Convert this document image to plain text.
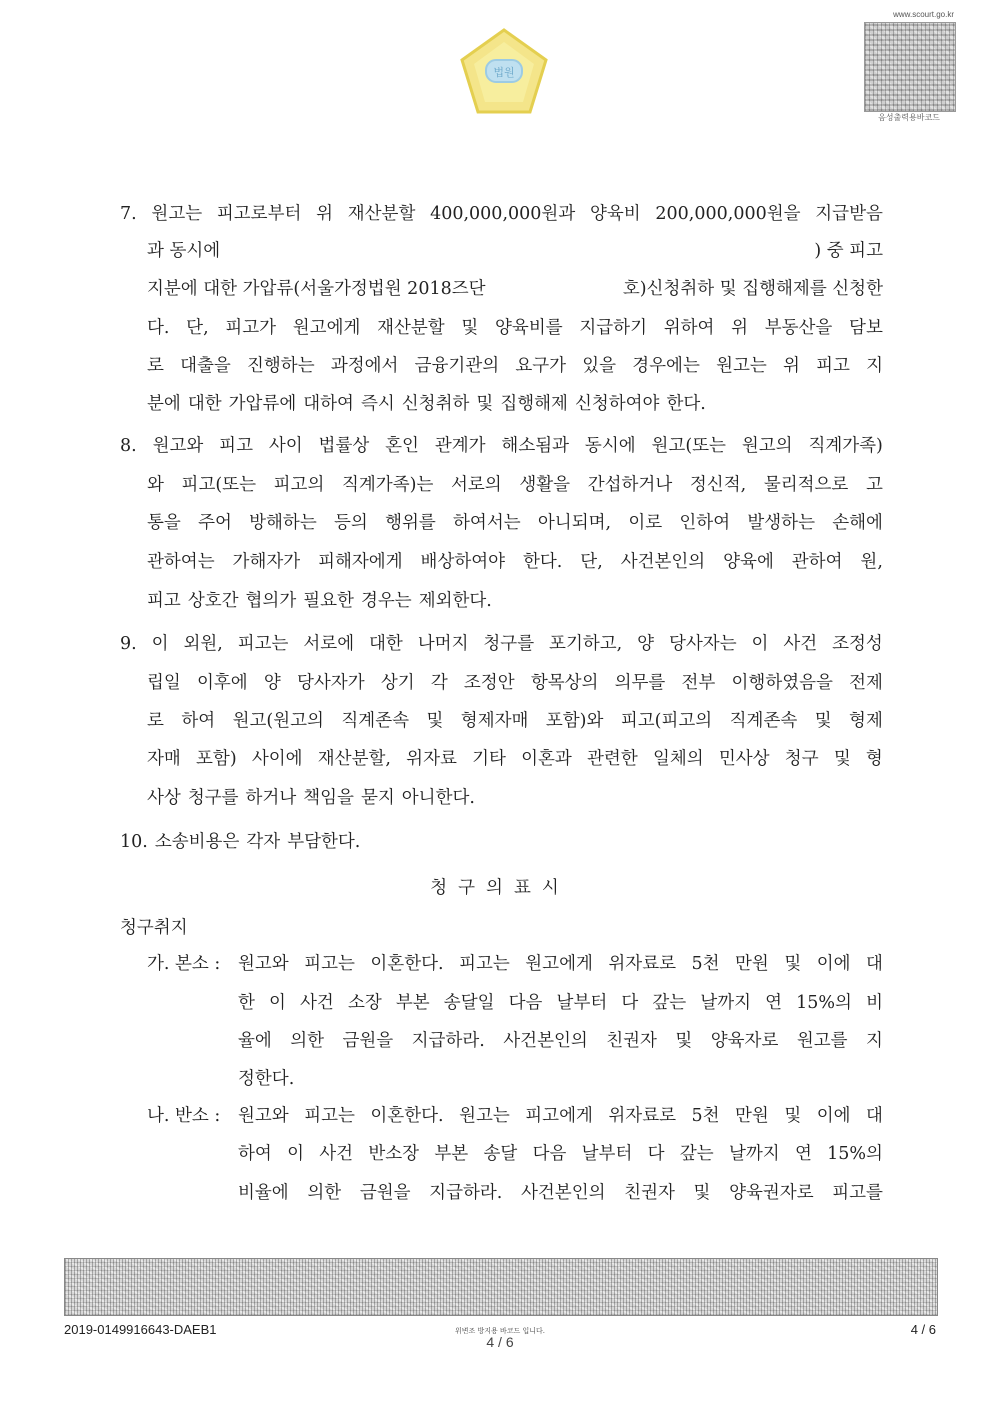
법원
www.scourt.go.kr
음성출력용바코드
7. 원고는 피고로부터 위 재산분할 400,000,000원과 양육비 200,000,000원을 지급받음
과 동시에	) 중 피고
지분에 대한 가압류(서울가정법원 2018즈단	호)신청취하 및 집행해제를 신청한
다. 단, 피고가 원고에게 재산분할 및 양육비를 지급하기 위하여 위 부동산을 담보
로 대출을 진행하는 과정에서 금융기관의 요구가 있을 경우에는 원고는 위 피고 지
분에 대한 가압류에 대하여 즉시 신청취하 및 집행해제 신청하여야 한다.
8. 원고와 피고 사이 법률상 혼인 관계가 해소됨과 동시에 원고(또는 원고의 직계가족)
와 피고(또는 피고의 직계가족)는 서로의 생활을 간섭하거나 정신적, 물리적으로 고
통을 주어 방해하는 등의 행위를 하여서는 아니되며, 이로 인하여 발생하는 손해에
관하여는 가해자가 피해자에게 배상하여야 한다. 단, 사건본인의 양육에 관하여 원,
피고 상호간 협의가 필요한 경우는 제외한다.
9. 이 외원, 피고는 서로에 대한 나머지 청구를 포기하고, 양 당사자는 이 사건 조정성
립일 이후에 양 당사자가 상기 각 조정안 항목상의 의무를 전부 이행하였음을 전제
로 하여 원고(원고의 직계존속 및 형제자매 포함)와 피고(피고의 직계존속 및 형제
자매 포함) 사이에 재산분할, 위자료 기타 이혼과 관련한 일체의 민사상 청구 및 형
사상 청구를 하거나 책임을 묻지 아니한다.
10. 소송비용은 각자 부담한다.
청구의표시
청구취지
가. 본소 : 원고와 피고는 이혼한다. 피고는 원고에게 위자료로 5천 만원 및 이에 대
한 이 사건 소장 부본 송달일 다음 날부터 다 갚는 날까지 연 15%의 비
율에 의한 금원을 지급하라. 사건본인의 친권자 및 양육자로 원고를 지
정한다.
나. 반소 : 원고와 피고는 이혼한다. 원고는 피고에게 위자료로 5천 만원 및 이에 대
하여 이 사건 반소장 부본 송달 다음 날부터 다 갚는 날까지 연 15%의
비율에 의한 금원을 지급하라. 사건본인의 친권자 및 양육권자로 피고를
2019-0149916643-DAEB1	위변조 방지용 바코드 입니다.
4 / 6
4 / 6
